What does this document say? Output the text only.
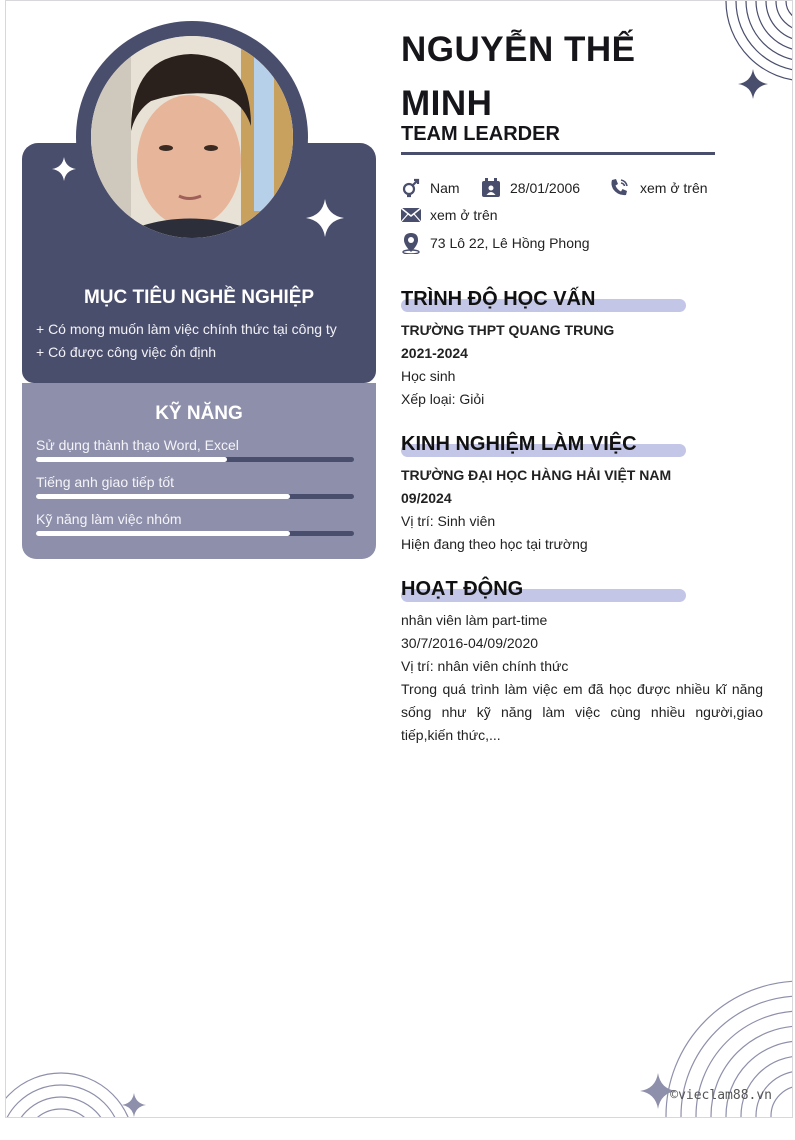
MỤC TIÊU NGHỀ NGHIỆP
+ Có mong muốn làm việc chính thức tại công ty
+ Có được công việc ổn định
KỸ NĂNG
Sử dụng thành thạo Word, Excel
Tiếng anh giao tiếp tốt
Kỹ năng làm việc nhóm
NGUYỄN THẾ
MINH
TEAM LEARDER
Nam	28/01/2006	xem ở trên
xem ở trên
73 Lô 22, Lê Hồng Phong
TRÌNH ĐỘ HỌC VẤN
TRƯỜNG THPT QUANG TRUNG
2021-2024
Học sinh
Xếp loại: Giỏi
KINH NGHIỆM LÀM VIỆC
TRƯỜNG ĐẠI HỌC HÀNG HẢI VIỆT NAM
09/2024
Vị trí: Sinh viên
Hiện đang theo học tại trường
HOẠT ĐỘNG
nhân viên làm part-time
30/7/2016-04/09/2020
Vị trí: nhân viên chính thức
Trong quá trình làm việc em đã học được nhiều kĩ năng sống như kỹ năng làm việc cùng nhiều người,giao tiếp,kiến thức,...
©vieclam88.vn
